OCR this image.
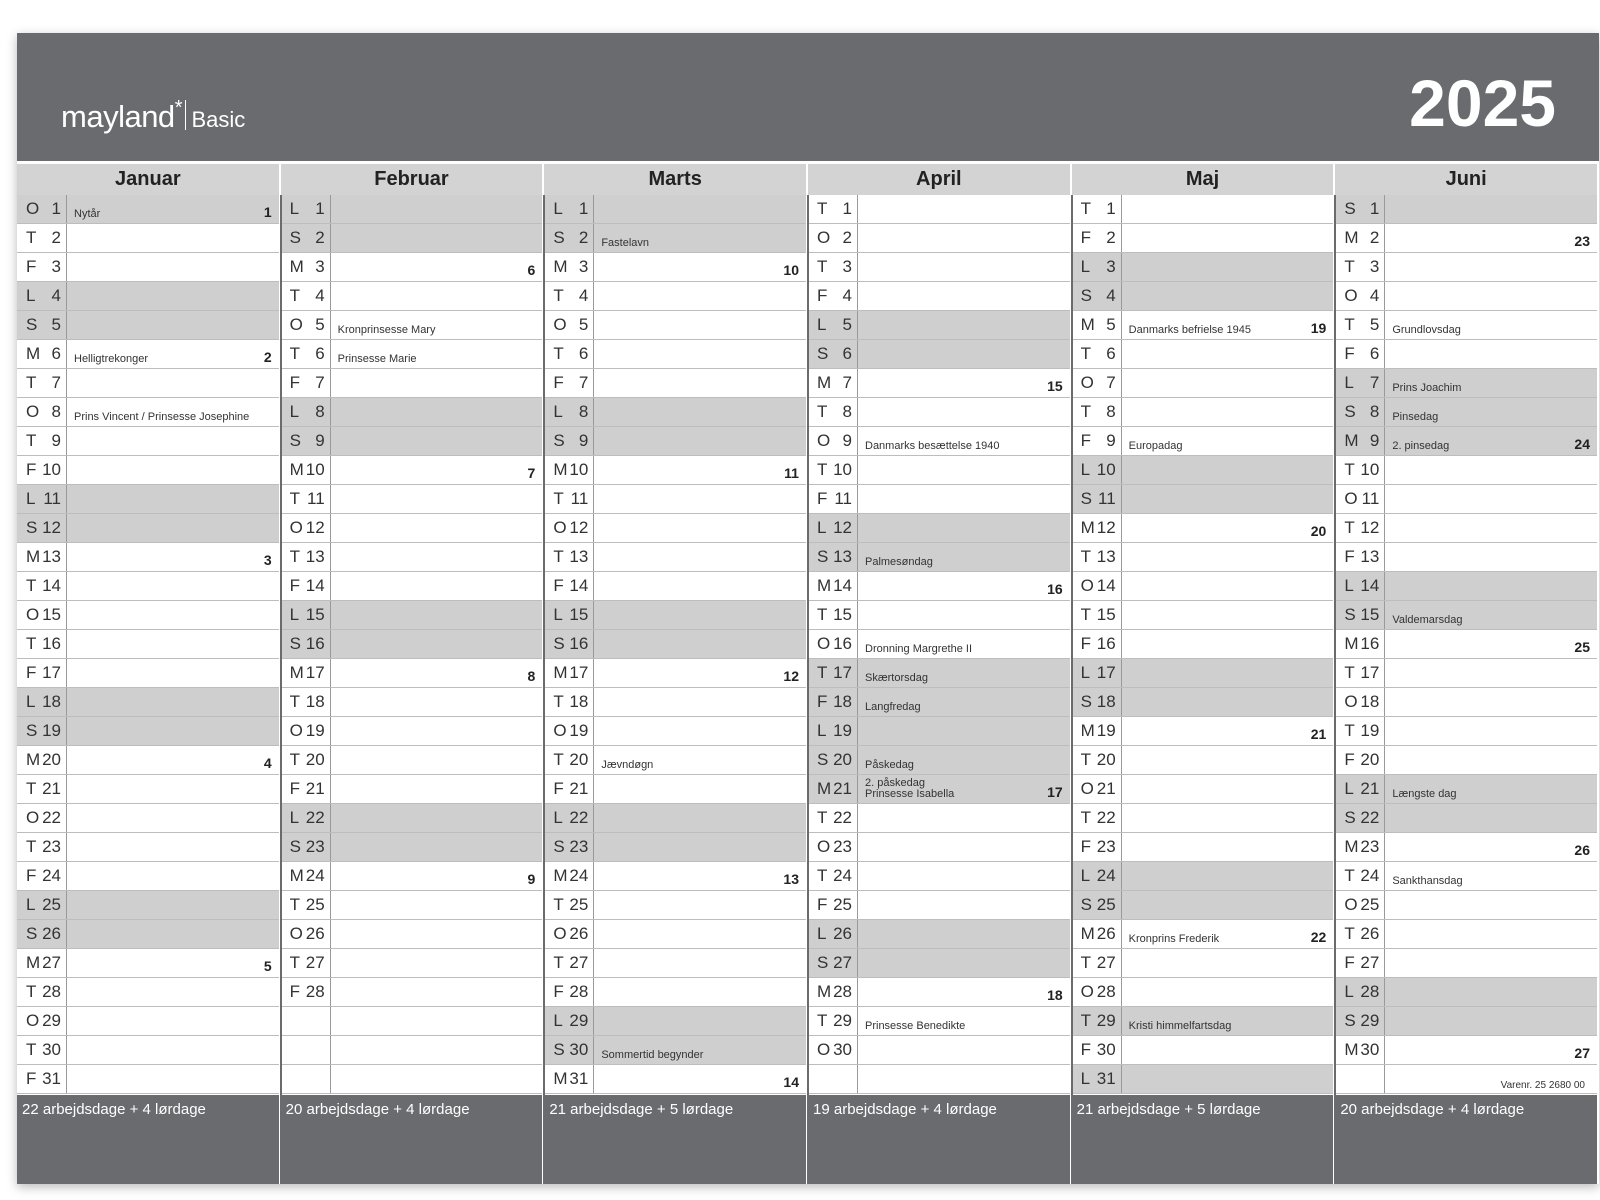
mayland* Basic	2025
Januar
O 1 Nytår	1
T 2
F 3
L 4
S 5
M 6 Helligtrekonger	2
T 7
O 8 Prins Vincent / Prinsesse Josephine
T 9
F 10
L 11
S 12
M 13	3
T 14
O 15
T 16
F 17
L 18
S 19
M 20	4
T 21
O 22
T 23
F 24
L 25
S 26
M 27	5
T 28
O 29
T 30
F 31
22 arbejdsdage + 4 lørdage
Februar
L 1
S 2
M 3	6
T 4
O 5 Kronprinsesse Mary
T 6 Prinsesse Marie
F 7
L 8
S 9
M 10	7
T 11
O 12
T 13
F 14
L 15
S 16
M 17	8
T 18
O 19
T 20
F 21
L 22
S 23
M 24	9
T 25
O 26
T 27
F 28
20 arbejdsdage + 4 lørdage
Marts
L 1
S 2 Fastelavn
M 3	10
T 4
O 5
T 6
F 7
L 8
S 9
M 10	11
T 11
O 12
T 13
F 14
L 15
S 16
M 17	12
T 18
O 19
T 20 Jævndøgn
F 21
L 22
S 23
M 24	13
T 25
O 26
T 27
F 28
L 29
S 30 Sommertid begynder
M 31	14
21 arbejdsdage + 5 lørdage
April
T 1
O 2
T 3
F 4
L 5
S 6
M 7	15
T 8
O 9 Danmarks besættelse 1940
T 10
F 11
L 12
S 13 Palmesøndag
M 14	16
T 15
O 16 Dronning Margrethe II
T 17 Skærtorsdag
F 18 Langfredag
L 19
S 20 Påskedag
M 21 2. påskedag
Prinsesse Isabella	17
T 22
O 23
T 24
F 25
L 26
S 27
M 28	18
T 29 Prinsesse Benedikte
O 30
19 arbejdsdage + 4 lørdage
Maj
T 1
F 2
L 3
S 4
M 5 Danmarks befrielse 1945	19
T 6
O 7
T 8
F 9 Europadag
L 10
S 11
M 12	20
T 13
O 14
T 15
F 16
L 17
S 18
M 19	21
T 20
O 21
T 22
F 23
L 24
S 25
M 26 Kronprins Frederik	22
T 27
O 28
T 29 Kristi himmelfartsdag
F 30
L 31
21 arbejdsdage + 5 lørdage
Juni
S 1
M 2	23
T 3
O 4
T 5 Grundlovsdag
F 6
L 7 Prins Joachim
S 8 Pinsedag
M 9 2. pinsedag	24
T 10
O 11
T 12
F 13
L 14
S 15 Valdemarsdag
M 16	25
T 17
O 18
T 19
F 20
L 21 Længste dag
S 22
M 23	26
T 24 Sankthansdag
O 25
T 26
F 27
L 28
S 29
M 30	27
Varenr. 25 2680 00
20 arbejdsdage + 4 lørdage
